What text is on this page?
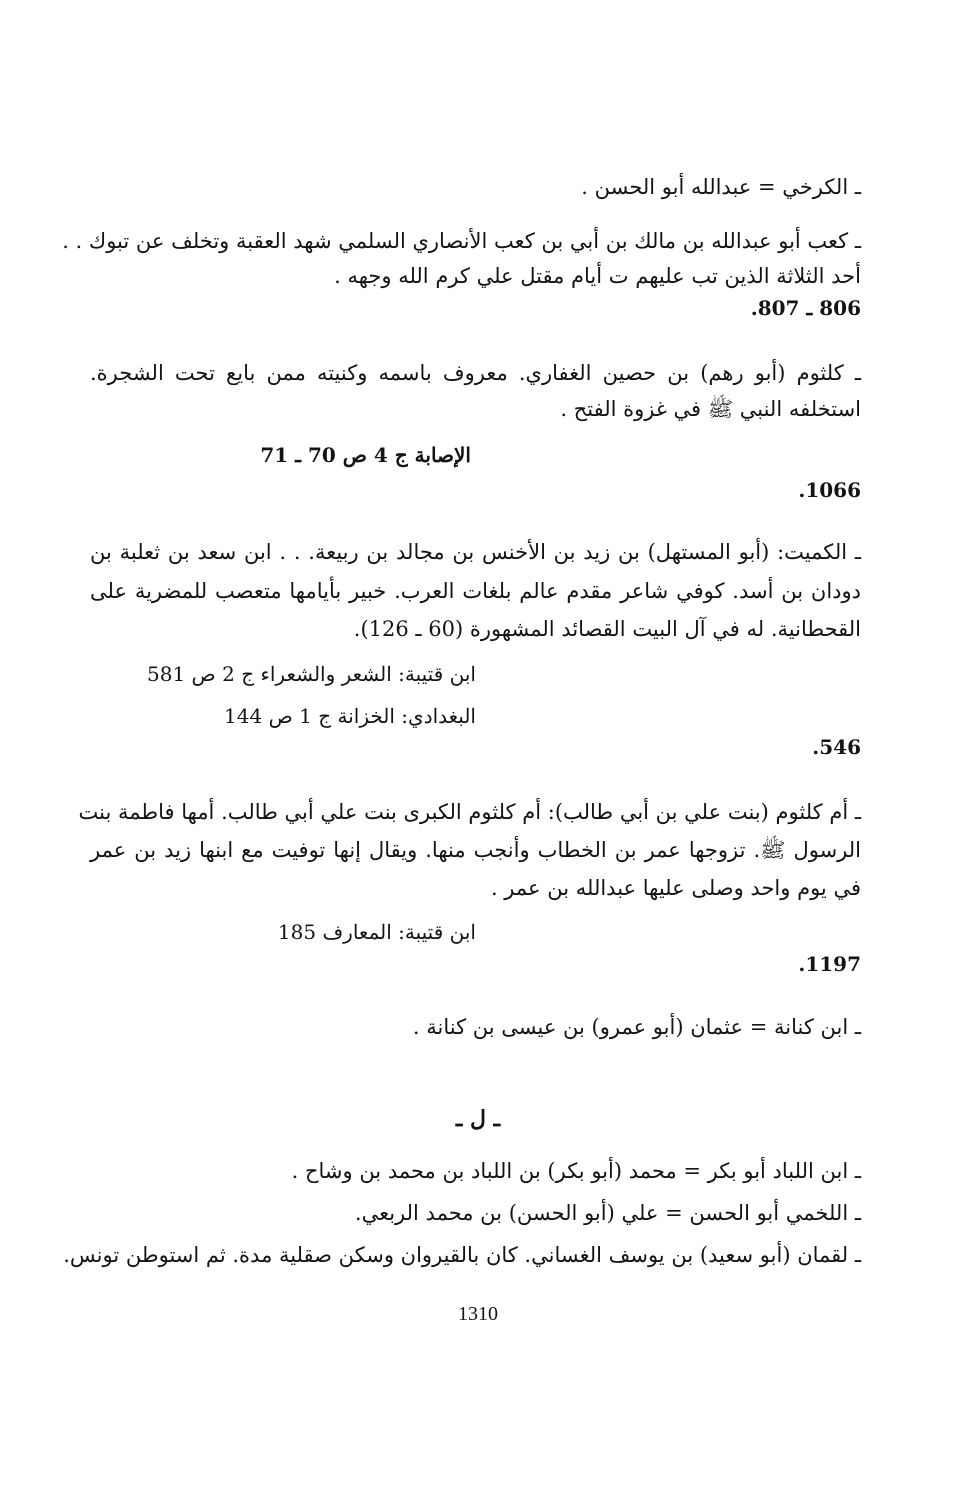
ـ الكرخي = عبدالله أبو الحسن .
ـ كعب أبو عبدالله بن مالك بن أبي بن كعب الأنصاري السلمي شهد العقبة وتخلف عن تبوك . .
أحد الثلاثة الذين تب عليهم ت أيام مقتل علي كرم الله وجهه .
806 ـ 807.
ـ كلثوم (أبو رهم) بن حصين الغفاري. معروف باسمه وكنيته ممن بايع تحت الشجرة.
استخلفه النبي ﷺ في غزوة الفتح .
الإصابة ج 4 ص 70 ـ 71
1066.
ـ الكميت: (أبو المستهل) بن زيد بن الأخنس بن مجالد بن ربيعة. . . ابن سعد بن ثعلبة بن
دودان بن أسد. كوفي شاعر مقدم عالم بلغات العرب. خبير بأيامها متعصب للمضرية على
القحطانية. له في آل البيت القصائد المشهورة (60 ـ 126).
ابن قتيبة: الشعر والشعراء ج 2 ص 581
البغدادي: الخزانة ج 1 ص 144
546.
ـ أم كلثوم (بنت علي بن أبي طالب): أم كلثوم الكبرى بنت علي أبي طالب. أمها فاطمة بنت
الرسول ﷺ. تزوجها عمر بن الخطاب وأنجب منها. ويقال إنها توفيت مع ابنها زيد بن عمر
في يوم واحد وصلى عليها عبدالله بن عمر .
ابن قتيبة: المعارف 185
1197.
ـ ابن كنانة = عثمان (أبو عمرو) بن عيسى بن كنانة .
ـ ل ـ
ـ ابن اللباد أبو بكر = محمد (أبو بكر) بن اللباد بن محمد بن وشاح .
ـ اللخمي أبو الحسن = علي (أبو الحسن) بن محمد الربعي.
ـ لقمان (أبو سعيد) بن يوسف الغساني. كان بالقيروان وسكن صقلية مدة. ثم استوطن تونس.
1310
